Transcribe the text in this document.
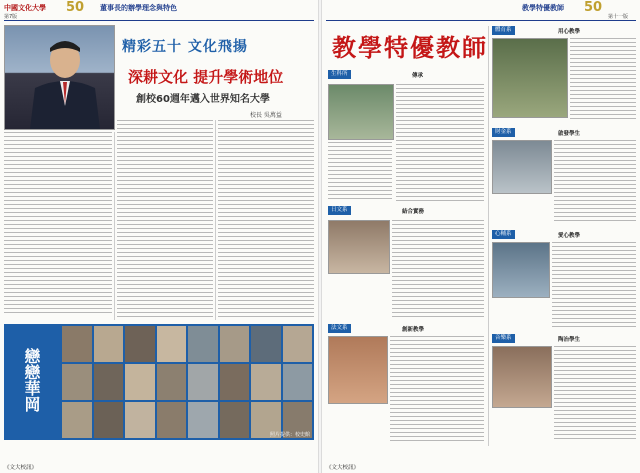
中國文化大學 50 董事長的辦學理念與特色
第7版
精彩五十 文化飛揚
深耕文化 提升學術地位
創校60週年邁入世界知名大學
校長 吳萬益
戀戀華岡
照片提供：校史館
《文大校訊》
教學特優教師 50
第十一版
教學特優教師
生科所	傳承
日文系	結合實務
法文系	創新教學
體育系	用心教學
財金系	啟發學生
心輔系	愛心教學
音樂系	陶冶學生
《文大校訊》
